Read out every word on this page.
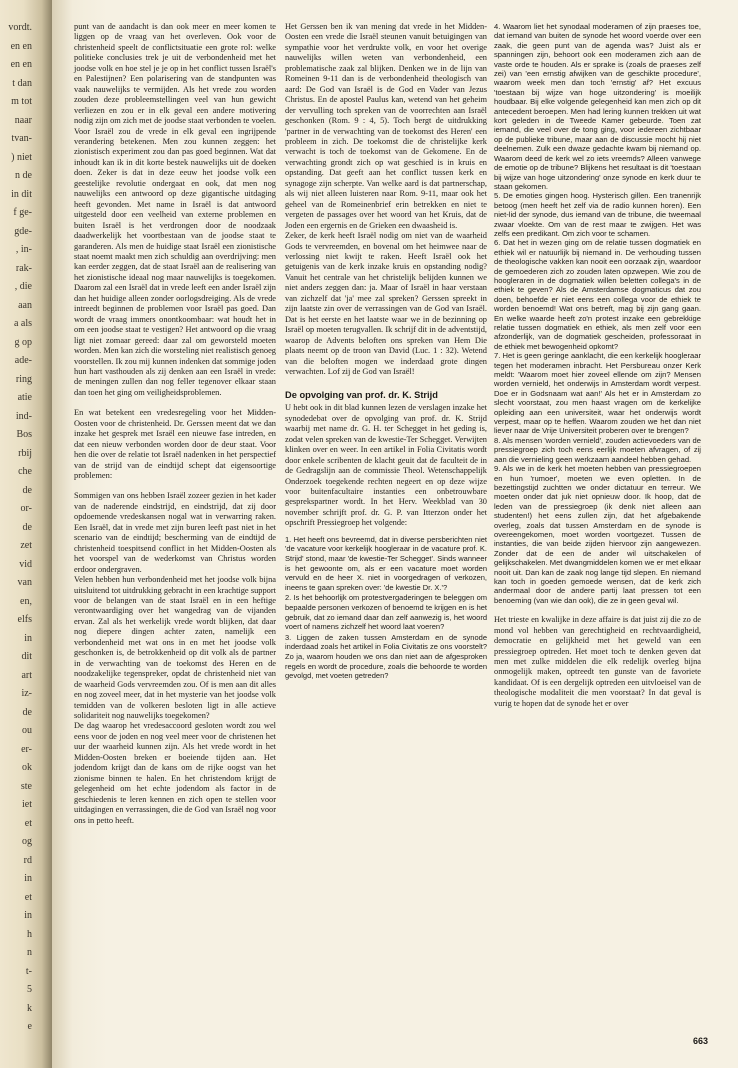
vordt.
en en
en en
t dan
m tot
naar
tvan-
) niet
n de
in dit
f ge-
gde-
, in-
rak-
, die
aan
a als
g op
ade-
ring
atie
ind-
Bos
rbij
che
de
or-
de
zet
vid
van
en,
elfs
in
dit
art
iz-
de
ou
er-
ok
ste
iet
et
og
rd
in
et
in
h
n
t-
5
k
e

punt van de aandacht is dan ook meer en meer komen te liggen op de vraag van het overleven. Ook voor de christenheid speelt de conflictsituatie een grote rol: welke politieke conclusies trek je uit de verbondenheid met het joodse volk en hoe stel je je op in het conflict tussen Israël's en Palestijnen? Een polarisering van de standpunten was vaak nauwelijks te vermijden. Als het vrede zou worden zouden deze probleemstellingen veel van hun gewicht verliezen en zou er in elk geval een andere motivering nodig zijn om zich met de joodse staat verbonden te voelen. Voor Israël zou de vrede in elk geval een ingrijpende verandering betekenen. Men zou kunnen zeggen: het zionistisch experiment zou dan pas goed beginnen. Wat dat inhoudt kan ik in dit korte bestek nauwelijks uit de doeken doen. Zeker is dat in deze eeuw het joodse volk een geestelijke revolutie ondergaat en ook, dat men nog nauwelijks een antwoord op deze gigantische uitdaging heeft gevonden. Met name in Israël is dat antwoord uitgesteld door een veelheid van externe problemen en buiten Israël is het verdrongen door de noodzaak daadwerkelijk het voortbestaan van de joodse staat te garanderen. Als men de huidige staat Israël een zionistische staat noemt maakt men zich schuldig aan overdrijving: men kan eerder zeggen, dat de staat Israël aan de realisering van het zionistische ideaal nog maar nauwelijks is toegekomen. Daarom zal een Israël dat in vrede leeft een ander Israël zijn dan het huidige alleen zonder oorlogsdreiging. Als de vrede intreedt beginnen de problemen voor Israël pas goed. Dan wordt de vraag immers onontkoombaar: wat houdt het in om een joodse staat te vestigen? Het antwoord op die vraag ligt niet zomaar gereed: daar zal om geworsteld moeten worden. Men kan zich die worsteling niet realistisch genoeg voorstellen. Ik zou mij kunnen indenken dat sommige joden hun hart vasthouden als zij denken aan een Israël in vrede: de meningen zullen dan nog feller tegenover elkaar staan dan toen het ging om veiligheidsproblemen.

En wat betekent een vredesregeling voor het Midden-Oosten voor de christenheid. Dr. Gerssen meent dat we dan inzake het gesprek met Israël een nieuwe fase intreden, en dat een nieuw verbonden worden door de deur staat. Voor hen die over de relatie tot Israël nadenken in het perspectief van de strijd van de eindtijd schept dat eigensoortige problemen:

Sommigen van ons hebben Israël zozeer gezien in het kader van de naderende eindstrijd, en eindstrijd, dat zij door opdoemende vredeskansen nogal wat in verwarring raken. Een Israël, dat in vrede met zijn buren leeft past niet in het scenario van de eindtijd; bescherming van de eindtijd de christenheid toespitsend conflict in het Midden-Oosten als het voorspel van de wederkomst van Christus worden erdoor ondergraven.

Velen hebben hun verbondenheid met het joodse volk bijna uitsluitend tot uitdrukking gebracht in een krachtige support voor de belangen van de staat Israël en in een heftige verontwaardiging over het wangedrag van de vijanden ervan. Zal als het werkelijk vrede wordt blijken, dat daar nog diepere dingen achter zaten, namelijk een verbondenheid met wat ons in en met het joodse volk geschonken is, de betrokkenheid op dit volk als de partner in de verwachting van de toekomst des Heren en de noodzakelijke tegenspreker, opdat de christenheid niet van de waarheid Gods vervreemden zou. Of is men aan dit alles en nog zoveel meer, dat in het mysterie van het joodse volk temidden van de volkeren besloten ligt in alle actieve solidariteit nog nauwelijks toegekomen?

De dag waarop het vredesaccoord gesloten wordt zou wel eens voor de joden en nog veel meer voor de christenen het uur der waarheid kunnen zijn. Als het vrede wordt in het Midden-Oosten breken er boeiende tijden aan. Het jodendom krijgt dan de kans om de rijke oogst van het zionisme binnen te halen. En het christendom krijgt de gelegenheid om het echte jodendom als factor in de geschiedenis te leren kennen en zich open te stellen voor uitdagingen en verrassingen, die de God van Israël nog voor ons in petto heeft.

Het Gerssen ben ik van mening dat vrede in het Midden-Oosten een vrede die Israël steunen vanuit betuigingen van sympathie voor het verdrukte volk, en voor het overige nauwelijks willen weten van verbondenheid, een problematische zaak zal blijken. Denken we in de lijn van Romeinen 9-11 dan is de verbondenheid theologisch van aard: De God van Israël is de God en Vader van Jezus Christus. En de apostel Paulus kan, wetend van het geheim der vervulling toch spreken van de voorrechten aan Israël geschonken (Rom. 9 : 4, 5). Toch bergt de uitdrukking 'partner in de verwachting van de toekomst des Heren' een probleem in zich. De toekomst die de christelijke kerk verwacht is toch de toekomst van de Gekomene. En de verwachting grondt zich op wat geschied is in kruis en opstanding. Dat geeft aan het conflict tussen kerk en synagoge zijn scherpte. Van welke aard is dat partnerschap, als wij niet alleen luisteren naar Rom. 9-11, maar ook het geheel van de Romeinenbrief erin betrekken en niet te vergeten de passages over het woord van het Kruis, dat de Joden een ergernis en de Grieken een dwaasheid is.

Zeker, de kerk heeft Israël nodig om niet van de waarheid Gods te vervreemden, en bovenal om het heimwee naar de verlossing niet kwijt te raken. Heeft Israël ook het getuigenis van de kerk inzake kruis en opstanding nodig? Vanuit het centrale van het christelijk belijden kunnen we niet anders zeggen dan: ja. Maar of Israël in haar verstaan van zichzelf dat 'ja' mee zal spreken? Gerssen spreekt in zijn laatste zin over de verrassingen van de God van Israël. Dat is het eerste en het laatste waar we in de bezinning op Israël op moeten terugvallen. Ik schrijf dit in de adventstijd, waarop de Advents beloften ons spreken van Hem Die plaats neemt op de troon van David (Luc. 1 : 32). Wetend van die beloften mogen we inderdaad grote dingen verwachten. Lof zij de God van Israël!

De opvolging van prof. dr. K. Strijd

U hebt ook in dit blad kunnen lezen de verslagen inzake het synodedebat over de opvolging van prof. dr. K. Strijd waarbij met name dr. G. H. ter Schegget in het geding is, zodat velen spreken van de kwestie-Ter Schegget. Verwijten klinken over en weer. In een artikel in Folia Civitatis wordt door enkele scribenten de klacht geuit dat de faculteit de in de Gedragslijn aan de commissie Theol. Wetenschappelijk Onderzoek toegekende rechten negeert en op deze wijze voor buitenfacultaire instanties een onbetrouwbare gesprekspartner wordt. In het Herv. Weekblad van 30 november schrijft prof. dr. G. P. van Itterzon onder het opschrift Pressiegroep het volgende:

1. Het heeft ons bevreemd, dat in diverse persberichten niet 'de vacature voor kerkelijk hoogleraar in de vacature prof. K. Strijd' stond, maar 'de kwestie-Ter Schegget'. Sinds wanneer is het gewoonte om, als er een vacature moet worden vervuld en de heer X. niet in voorgedragen of verkozen, ineens te gaan spreken over: 'de kwestie Dr. X.'?

2. Is het behoorlijk om protestvergaderingen te beleggen om bepaalde personen verkozen of benoemd te krijgen en is het gebruik, dat zo iemand daar dan zelf aanwezig is, het woord voert of namens zichzelf het woord laat voeren?

3. Liggen de zaken tussen Amsterdam en de synode inderdaad zoals het artikel in Folia Civitatis ze ons voorstelt? Zo ja, waarom houden we ons dan niet aan de afgesproken regels en wordt de procedure, zoals die behoorde te worden gevolgd, met voeten getreden?

4. Waarom liet het synodaal moderamen of zijn praeses toe, dat iemand van buiten de synode het woord voerde over een zaak, die geen punt van de agenda was? Juist als er spanningen zijn, behoort ook een moderamen zich aan de vaste orde te houden. Als er sprake is (zoals de praeses zelf zei) van 'een ernstig afwijken van de geschikte procedure', waarom week men dan toch 'ernstig' af? Het excuus 'toestaan bij wijze van hoge uitzondering' is moeilijk houdbaar. Bij elke volgende gelegenheid kan men zich op dit antecedent beroepen. Men had lering kunnen trekken uit wat kort geleden in de Tweede Kamer gebeurde. Toen zat iemand, die veel over de tong ging, voor iedereen zichtbaar op de publieke tribune, maar aan de discussie mocht hij niet deelnemen. Zulk een dwaze gedachte kwam bij niemand op. Waarom deed de kerk wel zo iets vreemds? Alleen vanwege de emotie op de tribune? Blijkens het resultaat is dit 'toestaan bij wijze van hoge uitzondering' onze synode en kerk duur te staan gekomen.

5. De emoties gingen hoog. Hysterisch gillen. Een tranenrijk betoog (men heeft het zelf via de radio kunnen horen). Een niet-lid der synode, dus iemand van de tribune, die tweemaal zwaar vloekte. Om van de rest maar te zwijgen. Het was zelfs een predikant. Om zich voor te schamen.

6. Dat het in wezen ging om de relatie tussen dogmatiek en ethiek wil er natuurlijk bij niemand in. De verhouding tussen de theologische vakken kan nooit een oorzaak zijn, waardoor de gemoederen zich zo zouden laten opzwepen. Wie zou de hoogleraren in de dogmatiek willen beletten collega's in de ethiek te geven? Als de Amsterdamse dogmaticus dat zou doen, behoefde er niet eens een collega voor de ethiek te worden benoemd! Wat ons betreft, mag bij zijn gang gaan. En welke waarde heeft zo'n protest inzake een gebrekkige relatie tussen dogmatiek en ethiek, als men zelf voor een afzonderlijk, van de dogmatiek gescheiden, professoraat in de ethiek met bewogenheid opkomt?

7. Het is geen geringe aanklacht, die een kerkelijk hoogleraar tegen het moderamen inbracht. Het Persbureau onzer Kerk meldt: 'Waarom moet hier zoveel ellende om zijn? Mensen worden vernield, het onderwijs in Amsterdam wordt verpest. Doe er in Godsnaam wat aan!' Als het er in Amsterdam zo slecht voorstaat, zou men haast vragen om de kerkelijke opleiding aan een universiteit, waar het onderwijs wordt verpest, maar op te heffen. Waarom zouden we het dan niet liever naar de Vrije Universiteit proberen over te brengen?

8. Als mensen 'worden vernield', zouden actievoeders van de pressiegroep zich toch eens eerlijk moeten afvragen, of zij aan die vernieling geen werkzaam aandeel hebben gehad.

9. Als we in de kerk het moeten hebben van pressiegroepen en hun 'rumoer', moeten we even opletten. In de bezettingstijd zuchtten we onder dictatuur en terreur. We moeten onder dat juk niet opnieuw door. Ik hoop, dat de leden van de pressiegroep (ik denk niet alleen aan studenten!) het eens zullen zijn, dat het afgebakende overleg, zoals dat tussen Amsterdam en de synode is overeengekomen, moet worden voortgezet. Tussen de instanties, die van beide zijden hiervoor zijn aangewezen. Zonder dat de een de ander wil uitschakelen of gelijkschakelen. Met dwangmiddelen komen we er met elkaar nooit uit. Dan kan de zaak nog lange tijd slepen. En niemand kan toch in goeden gemoede wensen, dat de kerk zich andermaal door de andere partij laat pressen tot een benoeming (van wie dan ook), die ze in geen geval wil.

Het trieste en kwalijke in deze affaire is dat juist zij die zo de mond vol hebben van gerechtigheid en rechtvaardigheid, democratie en gelijkheid met het geweld van een pressiegroep optreden. Het moet toch te denken geven dat men met zulke middelen die elk redelijk overleg bijna onmogelijk maken, optreedt ten gunste van de favoriete kandidaat. Of is een dergelijk optreden een uitvloeisel van de theologische modaliteit die men voorstaat? In dat geval is vurig te hopen dat de synode het er over

663
